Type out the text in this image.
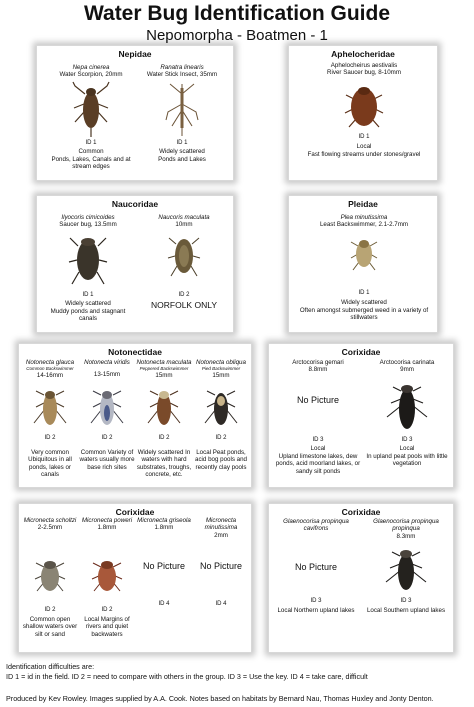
Water Bug Identification Guide
Nepomorpha - Boatmen - 1
Nepidae
Nepa cinerea
Water Scorpion, 20mm
ID 1
Common
Ponds, Lakes, Canals and at stream edges
Ranatra linearis
Water Stick Insect, 35mm
ID 1
Widely scattered
Ponds and Lakes
Aphelocheridae
Aphelocheirus aestivalis
River Saucer bug, 8-10mm
ID 1
Local
Fast flowing streams under stones/gravel
Naucoridae
Ilyocoris cimicoides
Saucer bug, 13.5mm
ID 1
Widely scattered
Muddy ponds and stagnant canals
Naucoris maculata
10mm
ID 2
NORFOLK ONLY
Pleidae
Plea minutissima
Least Backswimmer, 2.1-2.7mm
ID 1
Widely scattered
Often amongst submerged weed in a variety of stillwaters
Notonectidae
Notonecta glauca
Common Backswimmer
14-16mm
ID 2
Very common Ubiquitous in all ponds, lakes or canals
Notonecta viridis
13-15mm
ID 2
Common Variety of waters usually more base rich sites
Notonecta maculata
Peppered Backswimmer
15mm
ID 2
Widely scattered In waters with hard substrates, troughs, concrete, etc.
Notonecta obliqua
Pied Backswimmer
15mm
ID 2
Local Peat ponds, acid bog pools and recently clay pools
Corixidae
Arctocorisa gemari
8.8mm
No Picture
ID 3
Local
Upland limestone lakes, dew ponds, acid moorland lakes, or sandy silt ponds
Arctocorisa carinata
9mm
ID 3
Local
In upland peat pools with little vegetation
Corixidae
Micronecta scholtzi
2-2.5mm
ID 2
Common open shallow waters over silt or sand
Micronecta poweri
1.8mm
ID 2
Local Margins of rivers and quiet backwaters
Micronecta griseola
1.8mm
No Picture
ID 4
Micronecta minutissima
2mm
No Picture
ID 4
Corixidae
Glaenocorisa propinqua cavifrons
No Picture
ID 3
Local Northern upland lakes
Glaenocorisa propinqua propinqua
8.3mm
ID 3
Local Southern upland lakes
Identification difficulties are:
ID 1 = id in the field. ID 2 = need to compare with others in the group. ID 3 = Use the key. ID 4 = take care, difficult
Produced by Kev Rowley. Images supplied by A.A. Cook. Notes based on habitats by Bernard Nau, Thomas Huxley and Jonty Denton.
